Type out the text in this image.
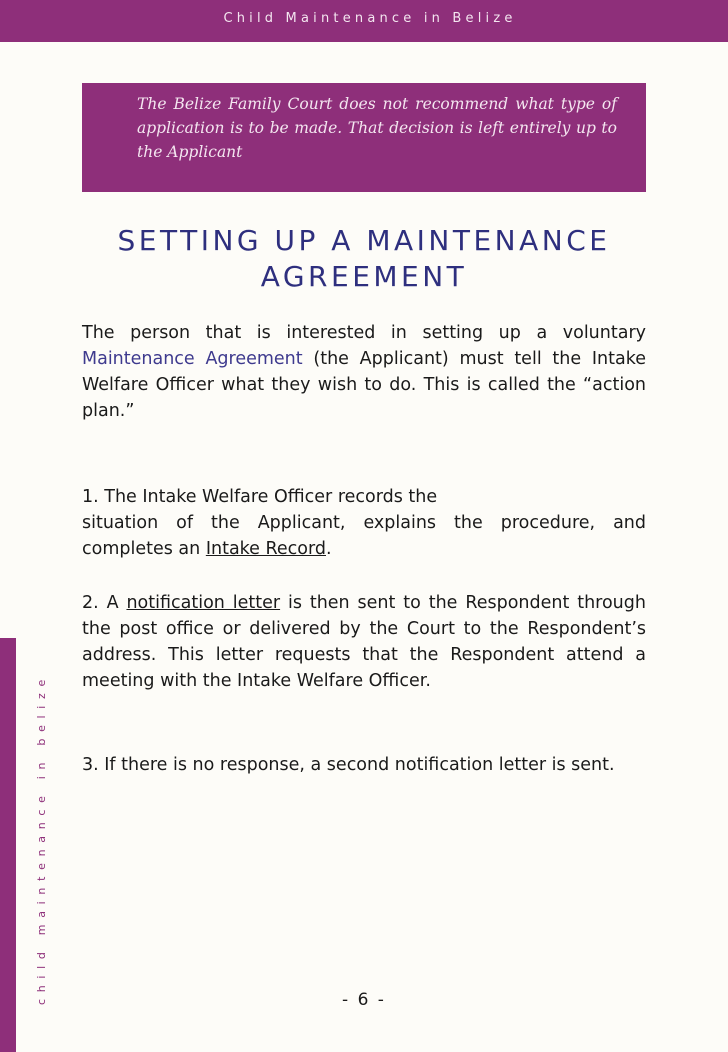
Child Maintenance in Belize
child maintenance in belize

The Belize Family Court does not recommend what type of application is to be made. That decision is left entirely up to the Applicant

SETTING UP A MAINTENANCE
AGREEMENT

The person that is interested in setting up a voluntary Maintenance Agreement (the Applicant) must tell the Intake Welfare Officer what they wish to do. This is called the “action plan.”

1. The Intake Welfare Officer records the

situation of the Applicant, explains the procedure, and completes an Intake Record.

2. A notification letter is then sent to the Respondent through the post office or delivered by the Court to the Respondent’s address. This letter requests that the Respondent attend a meeting with the Intake Welfare Officer.

3. If there is no response, a second notification letter is sent.

- 6 -
